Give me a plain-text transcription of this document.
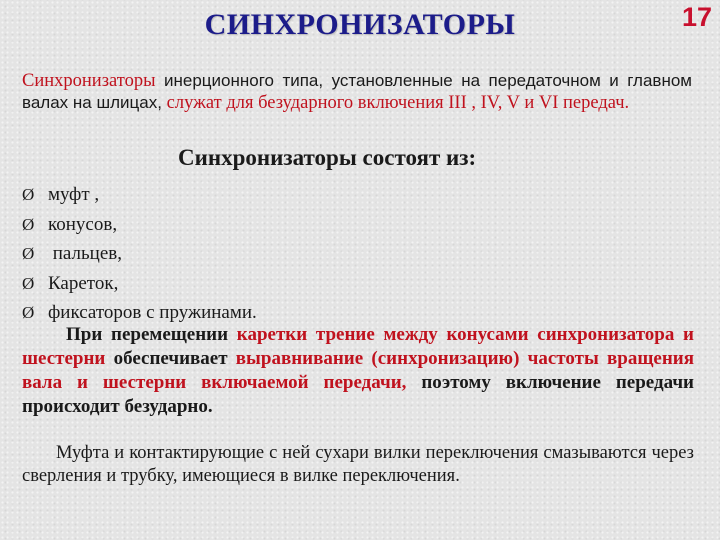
СИНХРОНИЗАТОРЫ	17
Синхронизаторы инерционного типа, установленные на передаточном и главном валах на шлицах, служат для безударного включения III , IV, V и VI передач.
Синхронизаторы состоят из:
Ø муфт ,
Ø конусов,
Ø пальцев,
Ø Кареток,
Ø фиксаторов с пружинами.
При перемещении каретки трение между конусами синхронизатора и шестерни обеспечивает выравнивание (синхронизацию) частоты вращения вала и шестерни включаемой передачи, поэтому включение передачи происходит безударно.
Муфта и контактирующие с ней сухари вилки переключения смазываются через сверления и трубку, имеющиеся в вилке переключения.
